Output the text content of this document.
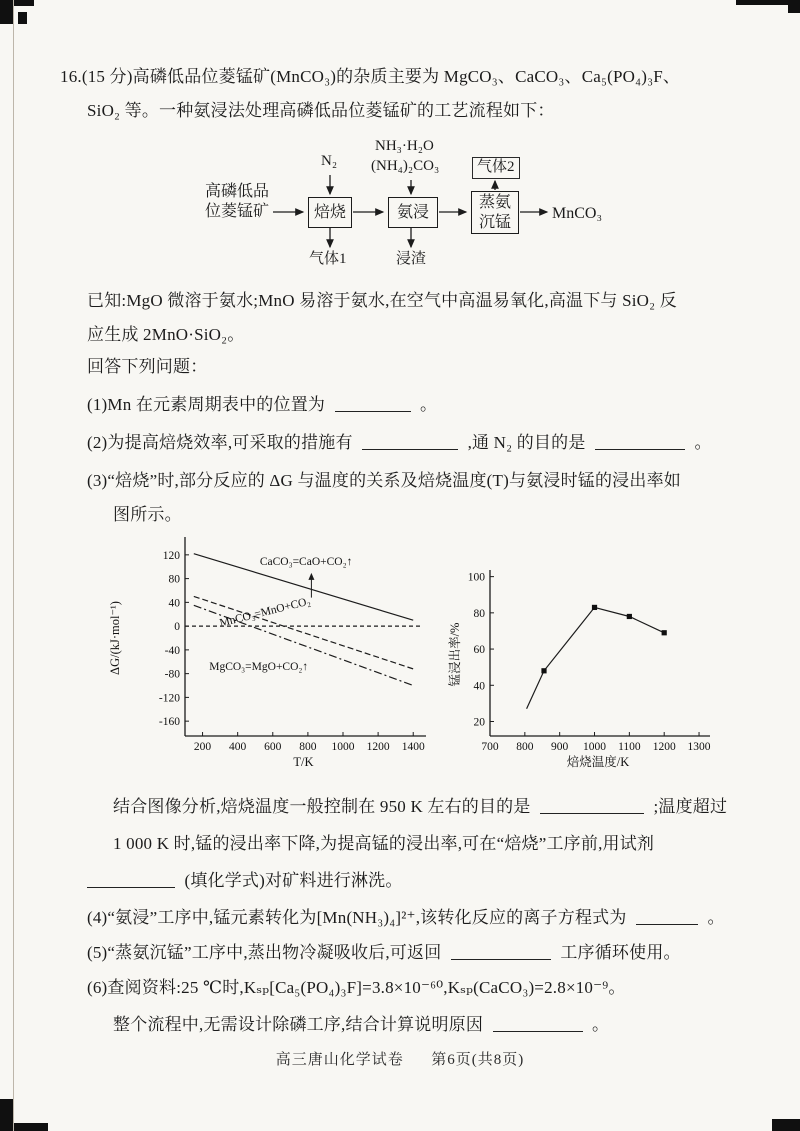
16.(15 分)高磷低品位菱锰矿(MnCO₃)的杂质主要为 MgCO₃、CaCO₃、Ca₅(PO₄)₃F、
SiO₂ 等。一种氨浸法处理高磷低品位菱锰矿的工艺流程如下：
高磷低品
位菱锰矿
N₂
NH₃·H₂O
(NH₄)₂CO₃	气体2
焙烧	氨浸
蒸氨
沉锰	MnCO₃
气体1	浸渣
已知:MgO 微溶于氨水;MnO 易溶于氨水,在空气中高温易氧化,高温下与 SiO₂ 反
应生成 2MnO·SiO₂。
回答下列问题：
(1)Mn 在元素周期表中的位置为	。
(2)为提高焙烧效率,可采取的措施有	,通 N₂ 的目的是	。
(3)“焙烧”时,部分反应的 ΔG 与温度的关系及焙烧温度(T)与氨浸时锰的浸出率如
图所示。
200 400 600 800 1000 1200 1400
120
80
40
0
-40
-80
-120
-160
CaCO₃=CaO+CO₂↑
MnCO₃=MnO+CO₂
MgCO₃=MgO+CO₂↑
T/K
ΔG/(kJ·mol⁻¹)
700 800 900 1000 1100 1200 1300
20
40
60
80
100
焙烧温度/K
锰浸出率/%
结合图像分析,焙烧温度一般控制在 950 K 左右的目的是	;温度超过
1 000 K 时,锰的浸出率下降,为提高锰的浸出率,可在“焙烧”工序前,用试剂
(填化学式)对矿料进行淋洗。
(4)“氨浸”工序中,锰元素转化为[Mn(NH₃)₄]²⁺,该转化反应的离子方程式为	。
(5)“蒸氨沉锰”工序中,蒸出物冷凝吸收后,可返回	工序循环使用。
(6)查阅资料:25 ℃时,Kₛₚ[Ca₅(PO₄)₃F]=3.8×10⁻⁶⁰,Kₛₚ(CaCO₃)=2.8×10⁻⁹。
整个流程中,无需设计除磷工序,结合计算说明原因	。
高三唐山化学试卷 第6页(共8页)
